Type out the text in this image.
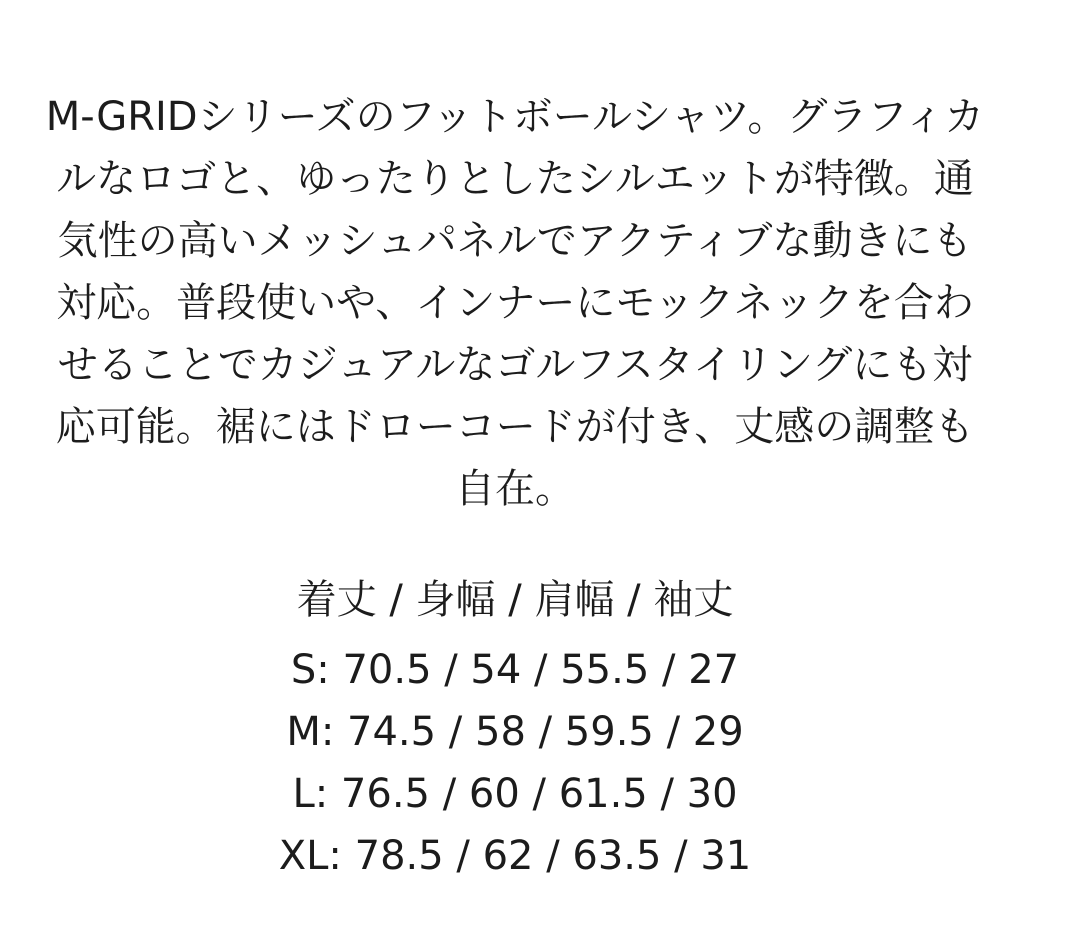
M-GRIDシリーズのフットボールシャツ。グラフィカ
ルなロゴと、ゆったりとしたシルエットが特徴。通
気性の高いメッシュパネルでアクティブな動きにも
対応。普段使いや、インナーにモックネックを合わ
せることでカジュアルなゴルフスタイリングにも対
応可能。裾にはドローコードが付き、丈感の調整も
自在。
着丈 / 身幅 / 肩幅 / 袖丈
S: 70.5 / 54 / 55.5 / 27
M: 74.5 / 58 / 59.5 / 29
L: 76.5 / 60 / 61.5 / 30
XL: 78.5 / 62 / 63.5 / 31
